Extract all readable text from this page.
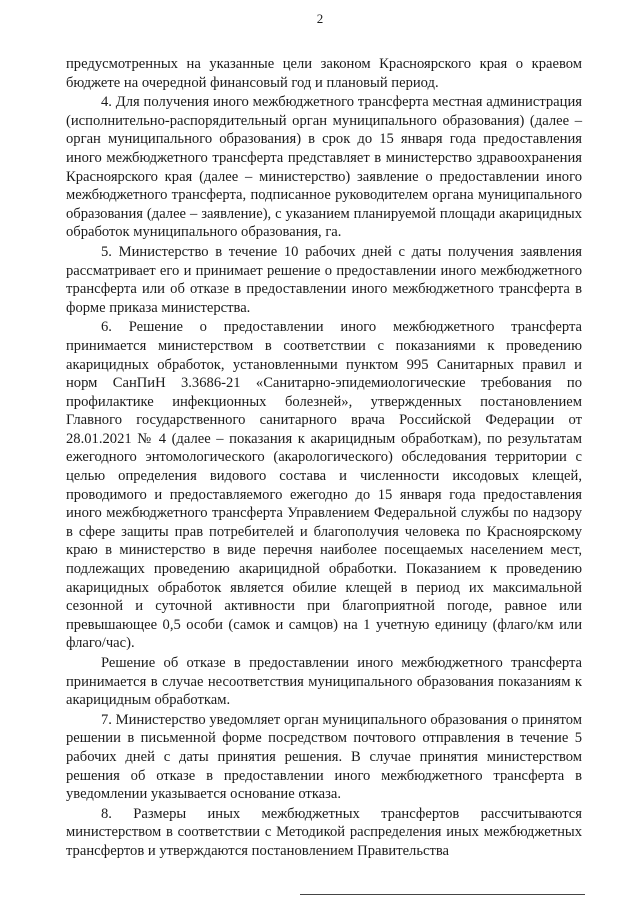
2

предусмотренных на указанные цели законом Красноярского края о краевом бюджете на очередной финансовый год и плановый период.

4. Для получения иного межбюджетного трансферта местная администрация (исполнительно-распорядительный орган муниципального образования) (далее – орган муниципального образования) в срок до 15 января года предоставления иного межбюджетного трансферта представляет в министерство здравоохранения Красноярского края (далее – министерство) заявление о предоставлении иного межбюджетного трансферта, подписанное руководителем органа муниципального образования (далее – заявление), с указанием планируемой площади акарицидных обработок муниципального образования, га.

5. Министерство в течение 10 рабочих дней с даты получения заявления рассматривает его и принимает решение о предоставлении иного межбюджетного трансферта или об отказе в предоставлении иного межбюджетного трансферта в форме приказа министерства.

6. Решение о предоставлении иного межбюджетного трансферта принимается министерством в соответствии с показаниями к проведению акарицидных обработок, установленными пунктом 995 Санитарных правил и норм СанПиН 3.3686-21 «Санитарно-эпидемиологические требования по профилактике инфекционных болезней», утвержденных постановлением Главного государственного санитарного врача Российской Федерации от 28.01.2021 № 4 (далее – показания к акарицидным обработкам), по результатам ежегодного энтомологического (акарологического) обследования территории с целью определения видового состава и численности иксодовых клещей, проводимого и предоставляемого ежегодно до 15 января года предоставления иного межбюджетного трансферта Управлением Федеральной службы по надзору в сфере защиты прав потребителей и благополучия человека по Красноярскому краю в министерство в виде перечня наиболее посещаемых населением мест, подлежащих проведению акарицидной обработки. Показанием к проведению акарицидных обработок является обилие клещей в период их максимальной сезонной и суточной активности при благоприятной погоде, равное или превышающее 0,5 особи (самок и самцов) на 1 учетную единицу (флаго/км или флаго/час).

Решение об отказе в предоставлении иного межбюджетного трансферта принимается в случае несоответствия муниципального образования показаниям к акарицидным обработкам.

7. Министерство уведомляет орган муниципального образования о принятом решении в письменной форме посредством почтового отправления в течение 5 рабочих дней с даты принятия решения. В случае принятия министерством решения об отказе в предоставлении иного межбюджетного трансферта в уведомлении указывается основание отказа.

8. Размеры иных межбюджетных трансфертов рассчитываются министерством в соответствии с Методикой распределения иных межбюджетных трансфертов и утверждаются постановлением Правительства
